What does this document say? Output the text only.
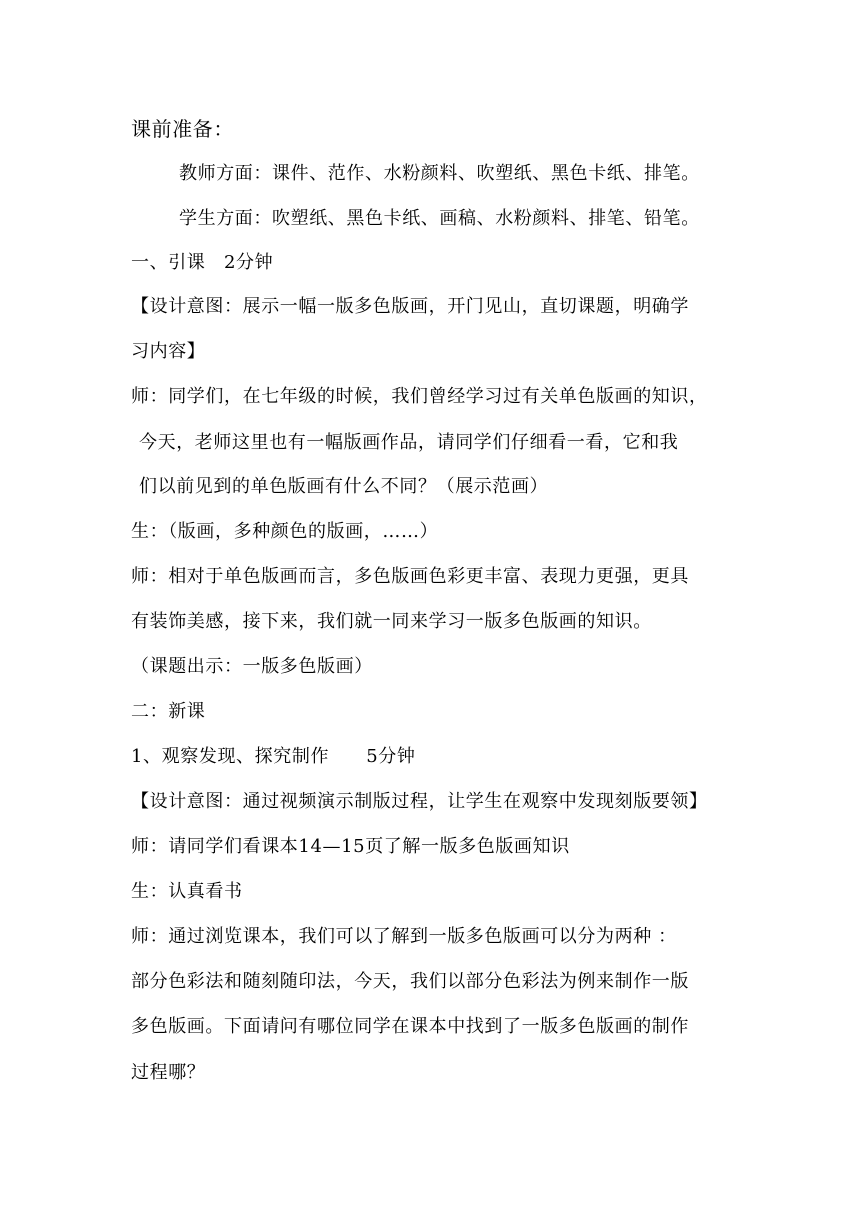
课前准备：
教师方面：课件、范作、水粉颜料、吹塑纸、黑色卡纸、排笔。
学生方面：吹塑纸、黑色卡纸、画稿、水粉颜料、排笔、铅笔。
一、引课　2分钟
【设计意图：展示一幅一版多色版画，开门见山，直切课题，明确学
习内容】
师：同学们，在七年级的时候，我们曾经学习过有关单色版画的知识，
今天，老师这里也有一幅版画作品，请同学们仔细看一看，它和我
们以前见到的单色版画有什么不同？（展示范画）
生：（版画，多种颜色的版画，……）
师：相对于单色版画而言，多色版画色彩更丰富、表现力更强，更具
有装饰美感，接下来，我们就一同来学习一版多色版画的知识。
（课题出示：一版多色版画）
二：新课
1、观察发现、探究制作　　5分钟
【设计意图：通过视频演示制版过程，让学生在观察中发现刻版要领】
师：请同学们看课本14—15页了解一版多色版画知识
生：认真看书
师：通过浏览课本，我们可以了解到一版多色版画可以分为两种 ：
部分色彩法和随刻随印法，今天，我们以部分色彩法为例来制作一版
多色版画。下面请问有哪位同学在课本中找到了一版多色版画的制作
过程哪？
